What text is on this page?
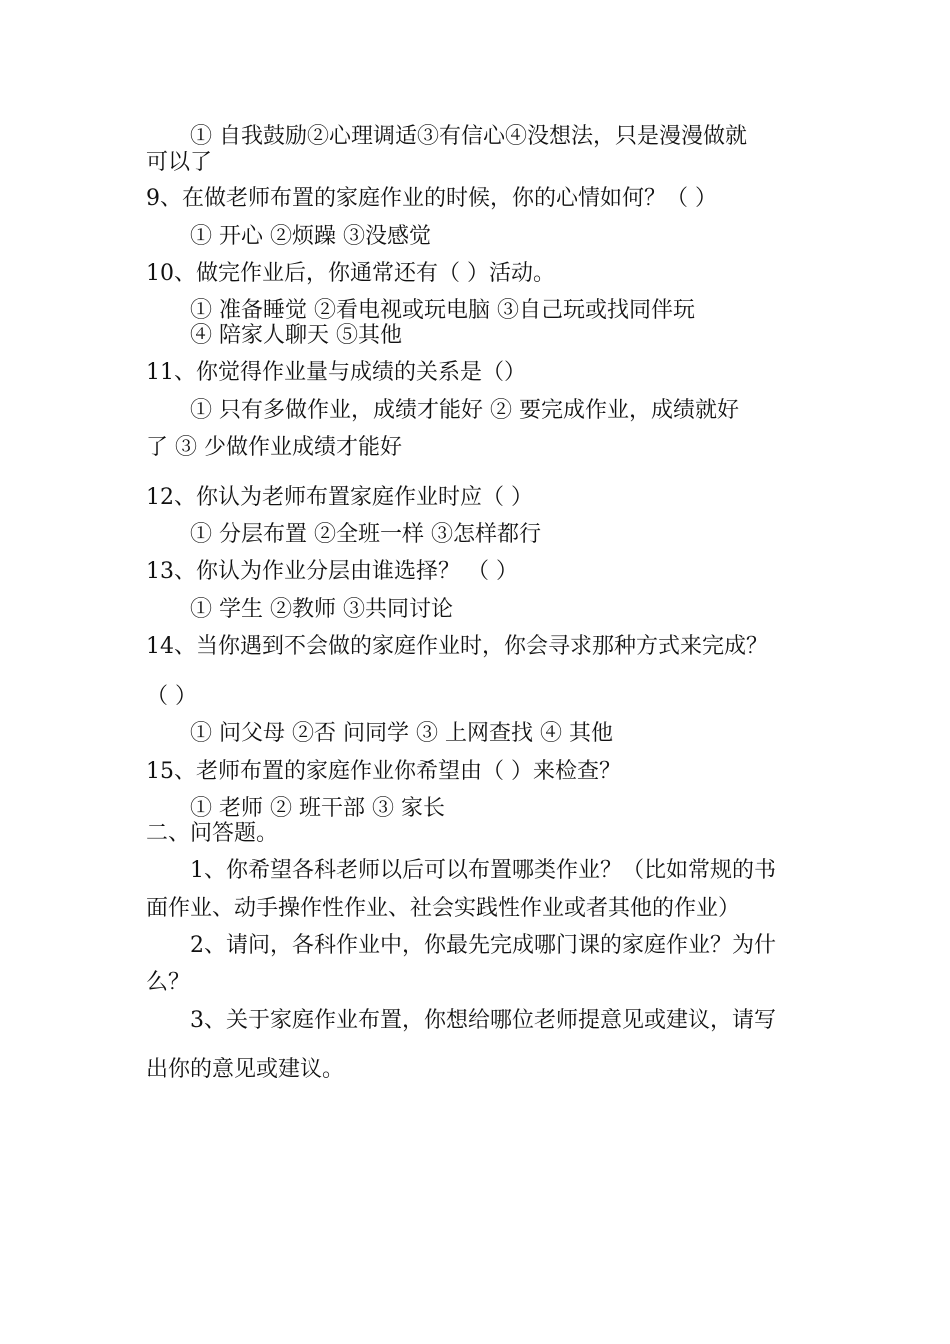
① 自我鼓励②心理调适③有信心④没想法，只是漫漫做就
可以了
9、在做老师布置的家庭作业的时候，你的心情如何？（ ）
① 开心 ②烦躁 ③没感觉
10、做完作业后，你通常还有（ ）活动。
① 准备睡觉 ②看电视或玩电脑 ③自己玩或找同伴玩
④ 陪家人聊天 ⑤其他
11、你觉得作业量与成绩的关系是（）
① 只有多做作业，成绩才能好 ② 要完成作业，成绩就好
了 ③ 少做作业成绩才能好
12、你认为老师布置家庭作业时应（ ）
① 分层布置 ②全班一样 ③怎样都行
13、你认为作业分层由谁选择？ （ ）
① 学生 ②教师 ③共同讨论
14、当你遇到不会做的家庭作业时，你会寻求那种方式来完成？
（ ）
① 问父母 ②否 问同学 ③ 上网查找 ④ 其他
15、老师布置的家庭作业你希望由（ ）来检查？
① 老师 ② 班干部 ③ 家长
二、问答题。
1、你希望各科老师以后可以布置哪类作业？（比如常规的书
面作业、动手操作性作业、社会实践性作业或者其他的作业）
2、请问，各科作业中，你最先完成哪门课的家庭作业？为什
么？
3、关于家庭作业布置，你想给哪位老师提意见或建议，请写
出你的意见或建议。
